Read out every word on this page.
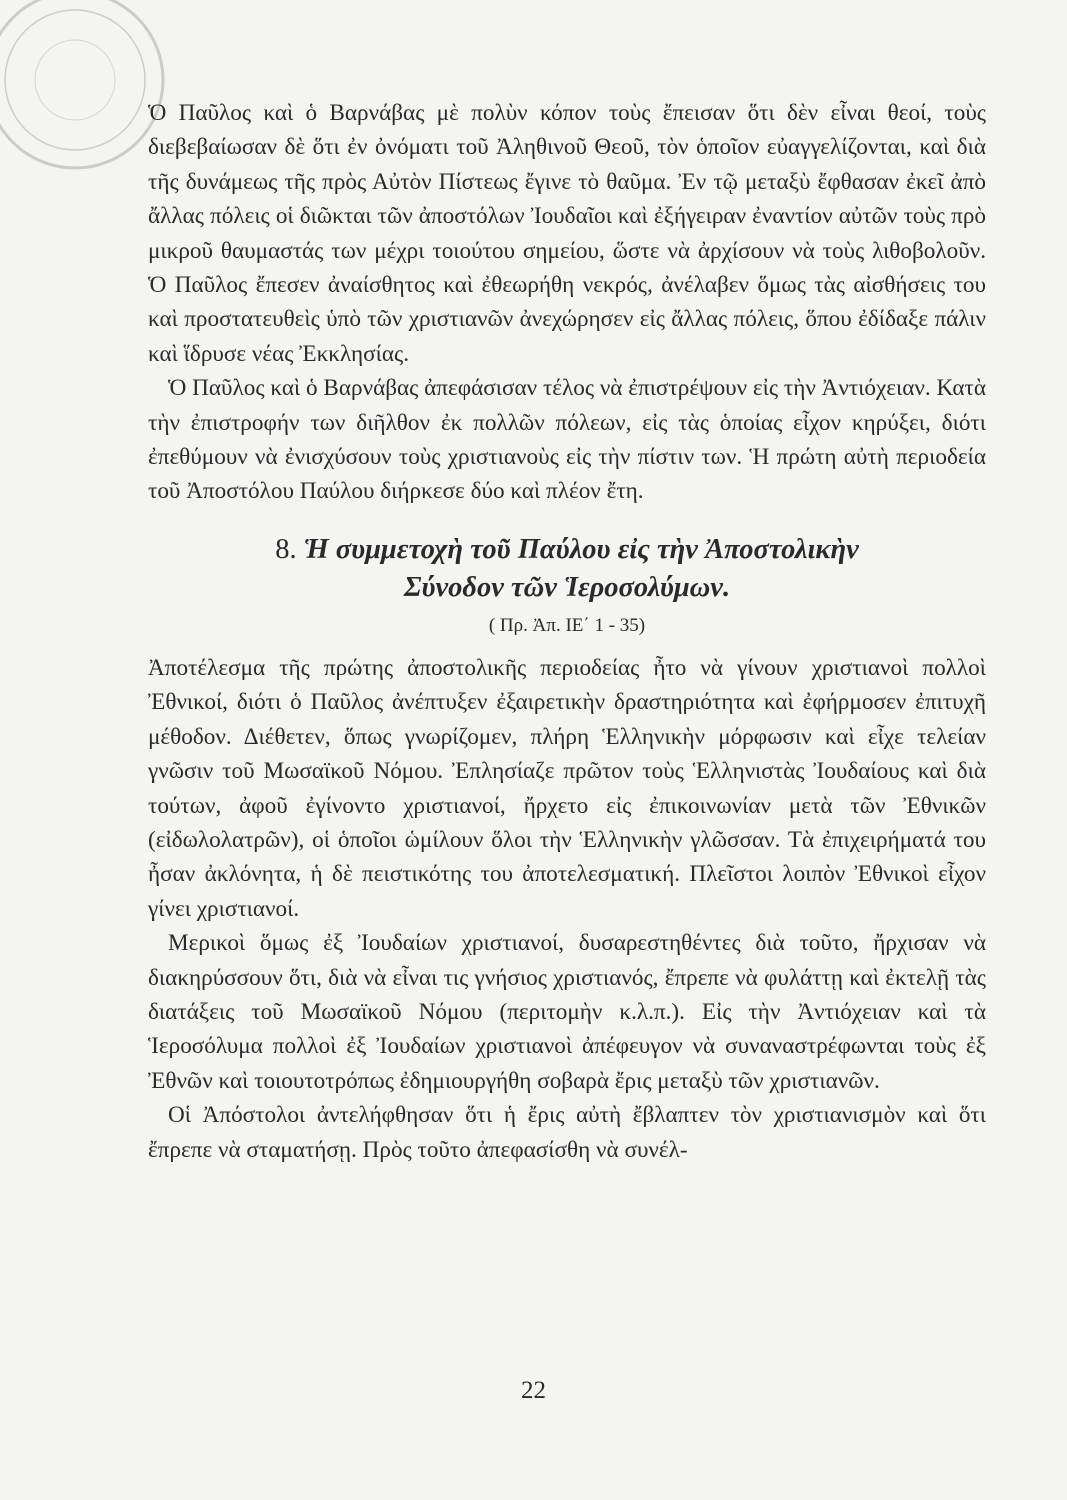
Ὁ Παῦλος καὶ ὁ Βαρνάβας μὲ πολὺν κόπον τοὺς ἔπεισαν ὅτι δὲν εἶναι θεοί, τοὺς διεβεβαίωσαν δὲ ὅτι ἐν ὀνόματι τοῦ Ἀληθινοῦ Θεοῦ, τὸν ὁποῖον εὐαγγελίζονται, καὶ διὰ τῆς δυνάμεως τῆς πρὸς Αὐτὸν Πίστεως ἔγινε τὸ θαῦμα. Ἐν τῷ μεταξὺ ἔφθασαν ἐκεῖ ἀπὸ ἄλλας πόλεις οἱ διῶκται τῶν ἀποστόλων Ἰουδαῖοι καὶ ἐξήγειραν ἐναντίον αὐτῶν τοὺς πρὸ μικροῦ θαυμαστάς των μέχρι τοιούτου σημείου, ὥστε νὰ ἀρχίσουν νὰ τοὺς λιθοβολοῦν. Ὁ Παῦλος ἔπεσεν ἀναίσθητος καὶ ἐθεωρήθη νεκρός, ἀνέλαβεν ὅμως τὰς αἰσθήσεις του καὶ προστατευθεὶς ὑπὸ τῶν χριστιανῶν ἀνεχώρησεν εἰς ἄλλας πόλεις, ὅπου ἐδίδαξε πάλιν καὶ ἵδρυσε νέας Ἐκκλησίας.

Ὁ Παῦλος καὶ ὁ Βαρνάβας ἀπεφάσισαν τέλος νὰ ἐπιστρέψουν εἰς τὴν Ἀντιόχειαν. Κατὰ τὴν ἐπιστροφήν των διῆλθον ἐκ πολλῶν πόλεων, εἰς τὰς ὁποίας εἶχον κηρύξει, διότι ἐπεθύμουν νὰ ἐνισχύσουν τοὺς χριστιανοὺς εἰς τὴν πίστιν των. Ἡ πρώτη αὐτὴ περιοδεία τοῦ Ἀποστόλου Παύλου διήρκεσε δύο καὶ πλέον ἔτη.

8. Ἡ συμμετοχὴ τοῦ Παύλου εἰς τὴν Ἀποστολικὴν
Σύνοδον τῶν Ἱεροσολύμων.
( Πρ. Ἀπ. ΙΕ΄ 1 - 35)

Ἀποτέλεσμα τῆς πρώτης ἀποστολικῆς περιοδείας ἦτο νὰ γίνουν χριστιανοὶ πολλοὶ Ἐθνικοί, διότι ὁ Παῦλος ἀνέπτυξεν ἐξαιρετικὴν δραστηριότητα καὶ ἐφήρμοσεν ἐπιτυχῆ μέθοδον. Διέθετεν, ὅπως γνωρίζομεν, πλήρη Ἑλληνικὴν μόρφωσιν καὶ εἶχε τελείαν γνῶσιν τοῦ Μωσαϊκοῦ Νόμου. Ἐπλησίαζε πρῶτον τοὺς Ἑλληνιστὰς Ἰουδαίους καὶ διὰ τούτων, ἀφοῦ ἐγίνοντο χριστιανοί, ἤρχετο εἰς ἐπικοινωνίαν μετὰ τῶν Ἐθνικῶν (εἰδωλολατρῶν), οἱ ὁποῖοι ὡμίλουν ὅλοι τὴν Ἑλληνικὴν γλῶσσαν. Τὰ ἐπιχειρήματά του ἦσαν ἀκλόνητα, ἡ δὲ πειστικότης του ἀποτελεσματική. Πλεῖστοι λοιπὸν Ἐθνικοὶ εἶχον γίνει χριστιανοί.

Μερικοὶ ὅμως ἐξ Ἰουδαίων χριστιανοί, δυσαρεστηθέντες διὰ τοῦτο, ἤρχισαν νὰ διακηρύσσουν ὅτι, διὰ νὰ εἶναι τις γνήσιος χριστιανός, ἔπρεπε νὰ φυλάττῃ καὶ ἐκτελῇ τὰς διατάξεις τοῦ Μωσαϊκοῦ Νόμου (περιτομὴν κ.λ.π.). Εἰς τὴν Ἀντιόχειαν καὶ τὰ Ἱεροσόλυμα πολλοὶ ἐξ Ἰουδαίων χριστιανοὶ ἀπέφευγον νὰ συναναστρέφωνται τοὺς ἐξ Ἐθνῶν καὶ τοιουτοτρόπως ἐδημιουργήθη σοβαρὰ ἔρις μεταξὺ τῶν χριστιανῶν.

Οἱ Ἀπόστολοι ἀντελήφθησαν ὅτι ἡ ἔρις αὐτὴ ἔβλαπτεν τὸν χριστιανισμὸν καὶ ὅτι ἔπρεπε νὰ σταματήσῃ. Πρὸς τοῦτο ἀπεφασίσθη νὰ συνέλ-

22
